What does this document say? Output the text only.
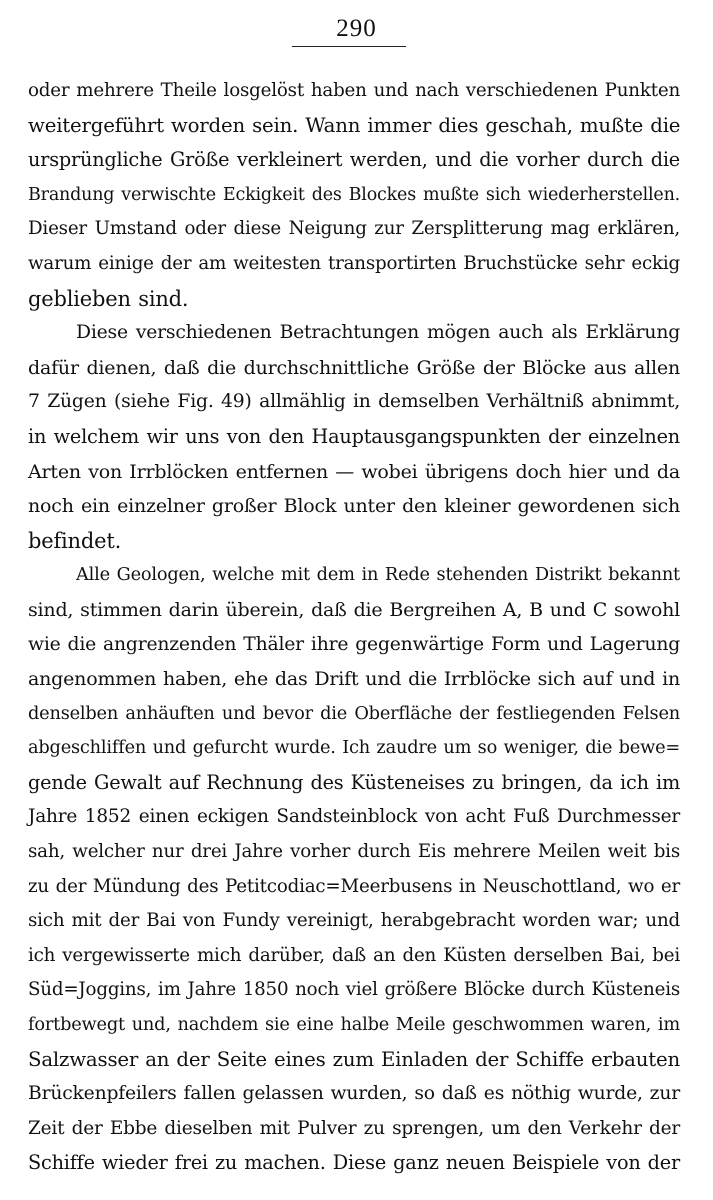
290

oder mehrere Theile losgelöst haben und nach verschiedenen Punkten
weitergeführt worden sein. Wann immer dies geschah, mußte die
ursprüngliche Größe verkleinert werden, und die vorher durch die
Brandung verwischte Eckigkeit des Blockes mußte sich wiederherstellen.
Dieser Umstand oder diese Neigung zur Zersplitterung mag erklären,
warum einige der am weitesten transportirten Bruchstücke sehr eckig
geblieben sind.

Diese verschiedenen Betrachtungen mögen auch als Erklärung
dafür dienen, daß die durchschnittliche Größe der Blöcke aus allen
7 Zügen (siehe Fig. 49) allmählig in demselben Verhältniß abnimmt,
in welchem wir uns von den Hauptausgangspunkten der einzelnen
Arten von Irrblöcken entfernen — wobei übrigens doch hier und da
noch ein einzelner großer Block unter den kleiner gewordenen sich
befindet.

Alle Geologen, welche mit dem in Rede stehenden Distrikt bekannt
sind, stimmen darin überein, daß die Bergreihen A, B und C sowohl
wie die angrenzenden Thäler ihre gegenwärtige Form und Lagerung
angenommen haben, ehe das Drift und die Irrblöcke sich auf und in
denselben anhäuften und bevor die Oberfläche der festliegenden Felsen
abgeschliffen und gefurcht wurde. Ich zaudre um so weniger, die bewe=
gende Gewalt auf Rechnung des Küsteneises zu bringen, da ich im
Jahre 1852 einen eckigen Sandsteinblock von acht Fuß Durchmesser
sah, welcher nur drei Jahre vorher durch Eis mehrere Meilen weit bis
zu der Mündung des Petitcodiac=Meerbusens in Neuschottland, wo er
sich mit der Bai von Fundy vereinigt, herabgebracht worden war; und
ich vergewisserte mich darüber, daß an den Küsten derselben Bai, bei
Süd=Joggins, im Jahre 1850 noch viel größere Blöcke durch Küsteneis
fortbewegt und, nachdem sie eine halbe Meile geschwommen waren, im
Salzwasser an der Seite eines zum Einladen der Schiffe erbauten
Brückenpfeilers fallen gelassen wurden, so daß es nöthig wurde, zur
Zeit der Ebbe dieselben mit Pulver zu sprengen, um den Verkehr der
Schiffe wieder frei zu machen. Diese ganz neuen Beispiele von der
